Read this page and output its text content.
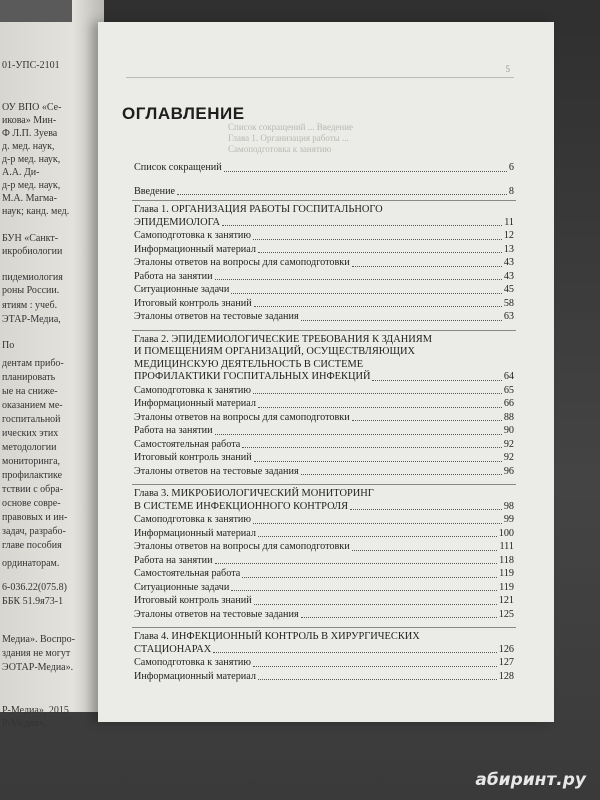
01-УПС-2101
ОУ ВПО «Се-
икова» Мин-
Ф Л.П. Зуева
д. мед. наук,
д-р мед. наук,
А.А. Ди-
д-р мед. наук,
М.А. Магма-
наук; канд. мед.
БУН «Санкт-
икробиологии
пидемиология
роны России.
ятиям : учеб.
ЭТАР-Медиа,
По
дентам прибо-
планировать
ые на сниже-
оказанием ме-
госпитальной
ических этих
методологии
мониторинга,
профилактике
тствии с обра-
основе совре-
правовых и ин-
задач, разрабо-
главе пособия
ординаторам.
6-036.22(075.8)
ББК 51.9я73-1
Медиа». Воспро-
здания не могут
ЭОТАР-Медиа».
Р-Медиа», 2015
Р-Медиа»,
Список сокращений ... Введение
Глава 1. Организация работы ...
Самоподготовка к занятию
5
ОГЛАВЛЕНИЕ
Список сокращений	6
Введение	8
Глава 1. ОРГАНИЗАЦИЯ РАБОТЫ ГОСПИТАЛЬНОГО
ЭПИДЕМИОЛОГА	11
Самоподготовка к занятию	12
Информационный материал	13
Эталоны ответов на вопросы для самоподготовки	43
Работа на занятии	43
Ситуационные задачи	45
Итоговый контроль знаний	58
Эталоны ответов на тестовые задания	63
Глава 2. ЭПИДЕМИОЛОГИЧЕСКИЕ ТРЕБОВАНИЯ К ЗДАНИЯМ
И ПОМЕЩЕНИЯМ ОРГАНИЗАЦИЙ, ОСУЩЕСТВЛЯЮЩИХ
МЕДИЦИНСКУЮ ДЕЯТЕЛЬНОСТЬ В СИСТЕМЕ
ПРОФИЛАКТИКИ ГОСПИТАЛЬНЫХ ИНФЕКЦИЙ	64
Самоподготовка к занятию	65
Информационный материал	66
Эталоны ответов на вопросы для самоподготовки	88
Работа на занятии	90
Самостоятельная работа	92
Итоговый контроль знаний	92
Эталоны ответов на тестовые задания	96
Глава 3. МИКРОБИОЛОГИЧЕСКИЙ МОНИТОРИНГ
В СИСТЕМЕ ИНФЕКЦИОННОГО КОНТРОЛЯ	98
Самоподготовка к занятию	99
Информационный материал	100
Эталоны ответов на вопросы для самоподготовки	111
Работа на занятии	118
Самостоятельная работа	119
Ситуационные задачи	119
Итоговый контроль знаний	121
Эталоны ответов на тестовые задания	125
Глава 4. ИНФЕКЦИОННЫЙ КОНТРОЛЬ В ХИРУРГИЧЕСКИХ
СТАЦИОНАРАХ	126
Самоподготовка к занятию	127
Информационный материал	128
абиринт.ру
